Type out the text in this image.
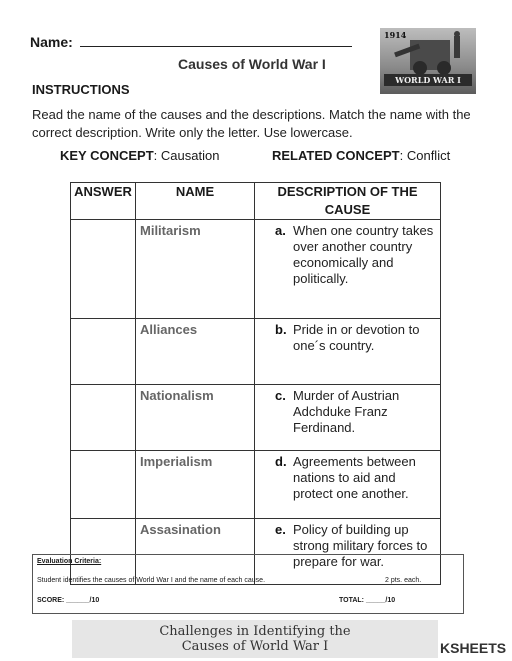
Name:
Causes of World War I
1914
WORLD WAR I
INSTRUCTIONS
Read the name of the causes and the descriptions. Match the name with the correct description. Write only the letter. Use lowercase.
KEY CONCEPT: Causation	RELATED CONCEPT: Conflict
ANSWER	NAME	DESCRIPTION OF THE CAUSE
	Militarism	a. When one country takes over another country economically and politically.

	Alliances	b. Pride in or devotion to one´s country.

	Nationalism	c. Murder of Austrian Adchduke Franz Ferdinand.

	Imperialism	d. Agreements between nations to aid and protect one another.

	Assasination	e. Policy of building up strong military forces to prepare for war.
Evaluation Criteria:
Student identifies the causes of World War I and the name of each cause.	2 pts. each.
SCORE: ______/10	TOTAL: _____/10
Challenges in Identifying the
Causes of World War I	KSHEETS
